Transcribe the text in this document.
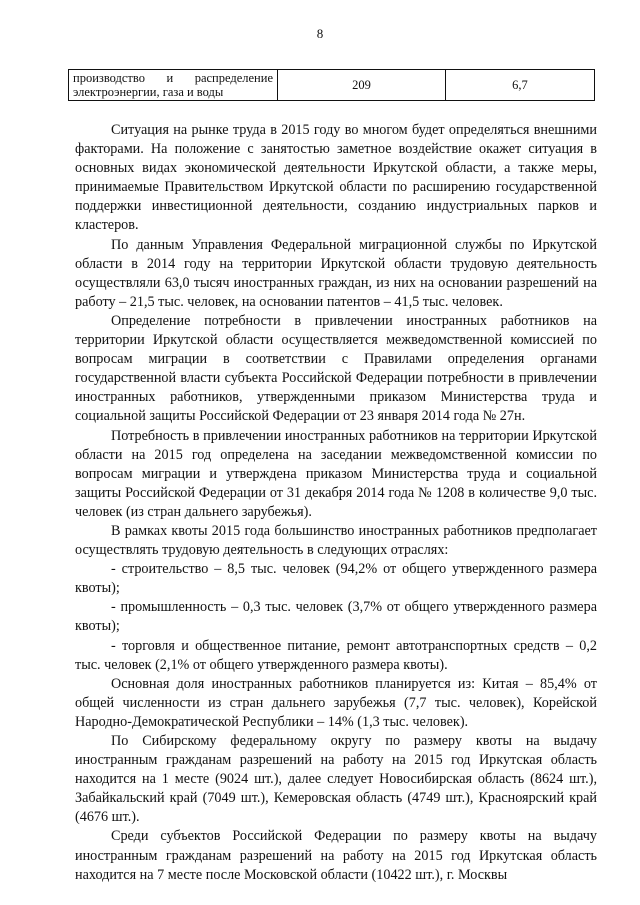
8
производство и распределение электроэнергии, газа и воды	209	6,7

Ситуация на рынке труда в 2015 году во многом будет определяться внешними факторами. На положение с занятостью заметное воздействие окажет ситуация в основных видах экономической деятельности Иркутской области, а также меры, принимаемые Правительством Иркутской области по расширению государственной поддержки инвестиционной деятельности, созданию индустриальных парков и кластеров.

По данным Управления Федеральной миграционной службы по Иркутской области в 2014 году на территории Иркутской области трудовую деятельность осуществляли 63,0 тысяч иностранных граждан, из них на основании разрешений на работу – 21,5 тыс. человек, на основании патентов – 41,5 тыс. человек.

Определение потребности в привлечении иностранных работников на территории Иркутской области осуществляется межведомственной комиссией по вопросам миграции в соответствии с Правилами определения органами государственной власти субъекта Российской Федерации потребности в привлечении иностранных работников, утвержденными приказом Министерства труда и социальной защиты Российской Федерации от 23 января 2014 года № 27н.

Потребность в привлечении иностранных работников на территории Иркутской области на 2015 год определена на заседании межведомственной комиссии по вопросам миграции и утверждена приказом Министерства труда и социальной защиты Российской Федерации от 31 декабря 2014 года № 1208 в количестве 9,0 тыс. человек (из стран дальнего зарубежья).

В рамках квоты 2015 года большинство иностранных работников предполагает осуществлять трудовую деятельность в следующих отраслях:

- строительство – 8,5 тыс. человек (94,2% от общего утвержденного размера квоты);

- промышленность – 0,3 тыс. человек (3,7% от общего утвержденного размера квоты);

- торговля и общественное питание, ремонт автотранспортных средств – 0,2 тыс. человек (2,1% от общего утвержденного размера квоты).

Основная доля иностранных работников планируется из: Китая – 85,4% от общей численности из стран дальнего зарубежья (7,7 тыс. человек), Корейской Народно-Демократической Республики – 14% (1,3 тыс. человек).

По Сибирскому федеральному округу по размеру квоты на выдачу иностранным гражданам разрешений на работу на 2015 год Иркутская область находится на 1 месте (9024 шт.), далее следует Новосибирская область (8624 шт.), Забайкальский край (7049 шт.), Кемеровская область (4749 шт.), Красноярский край (4676 шт.).

Среди субъектов Российской Федерации по размеру квоты на выдачу иностранным гражданам разрешений на работу на 2015 год Иркутская область находится на 7 месте после Московской области (10422 шт.), г. Москвы
